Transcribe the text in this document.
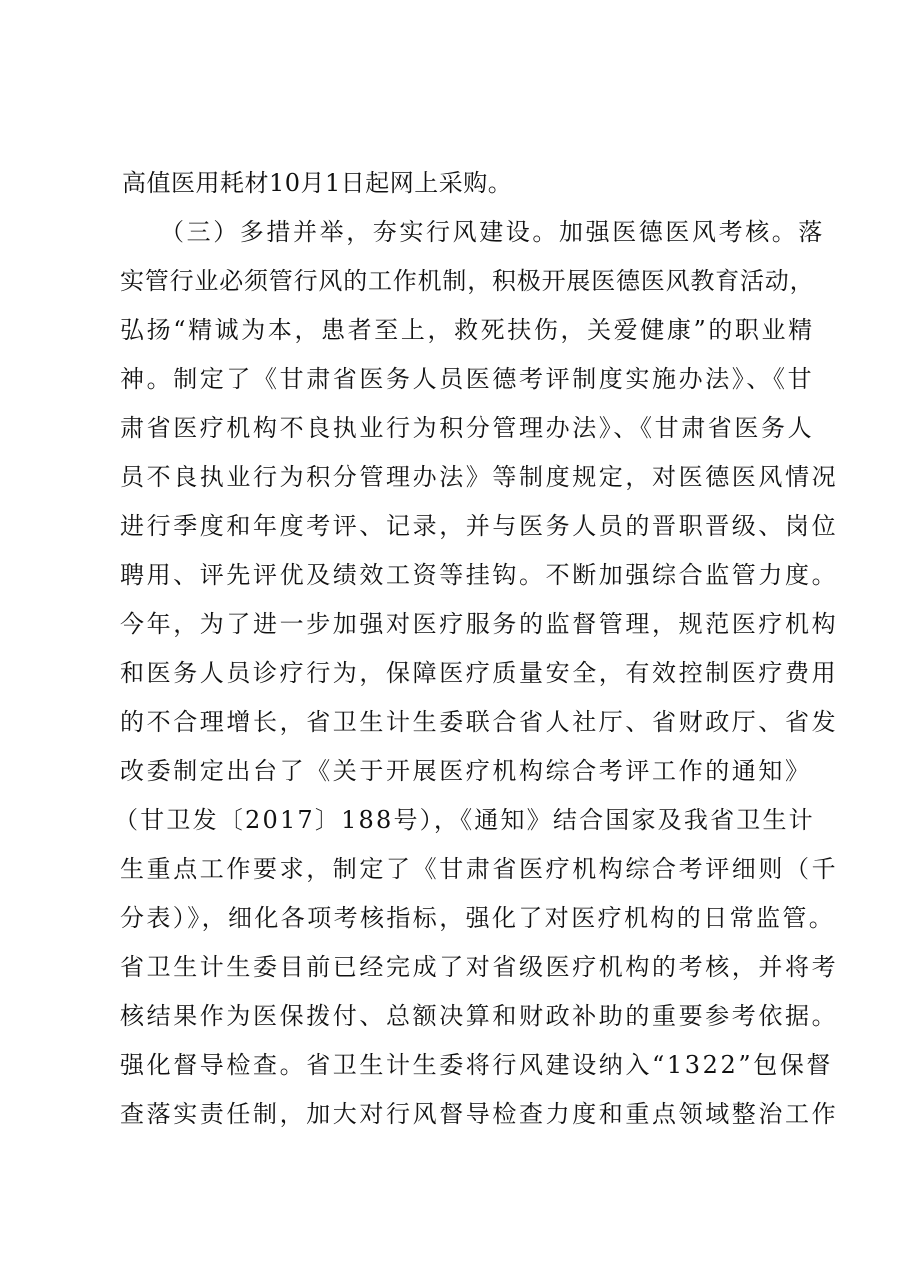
高值医用耗材10月1日起网上采购。
（三）多措并举，夯实行风建设。加强医德医风考核。落
实管行业必须管行风的工作机制，积极开展医德医风教育活动，
弘扬“精诚为本，患者至上，救死扶伤，关爱健康”的职业精
神。制定了《甘肃省医务人员医德考评制度实施办法》、《甘
肃省医疗机构不良执业行为积分管理办法》、《甘肃省医务人
员不良执业行为积分管理办法》等制度规定，对医德医风情况
进行季度和年度考评、记录，并与医务人员的晋职晋级、岗位
聘用、评先评优及绩效工资等挂钩。不断加强综合监管力度。
今年，为了进一步加强对医疗服务的监督管理，规范医疗机构
和医务人员诊疗行为，保障医疗质量安全，有效控制医疗费用
的不合理增长，省卫生计生委联合省人社厅、省财政厅、省发
改委制定出台了《关于开展医疗机构综合考评工作的通知》
（甘卫发〔2017〕188号），《通知》结合国家及我省卫生计
生重点工作要求，制定了《甘肃省医疗机构综合考评细则（千
分表）》，细化各项考核指标，强化了对医疗机构的日常监管。
省卫生计生委目前已经完成了对省级医疗机构的考核，并将考
核结果作为医保拨付、总额决算和财政补助的重要参考依据。
强化督导检查。省卫生计生委将行风建设纳入“1322”包保督
查落实责任制，加大对行风督导检查力度和重点领域整治工作
